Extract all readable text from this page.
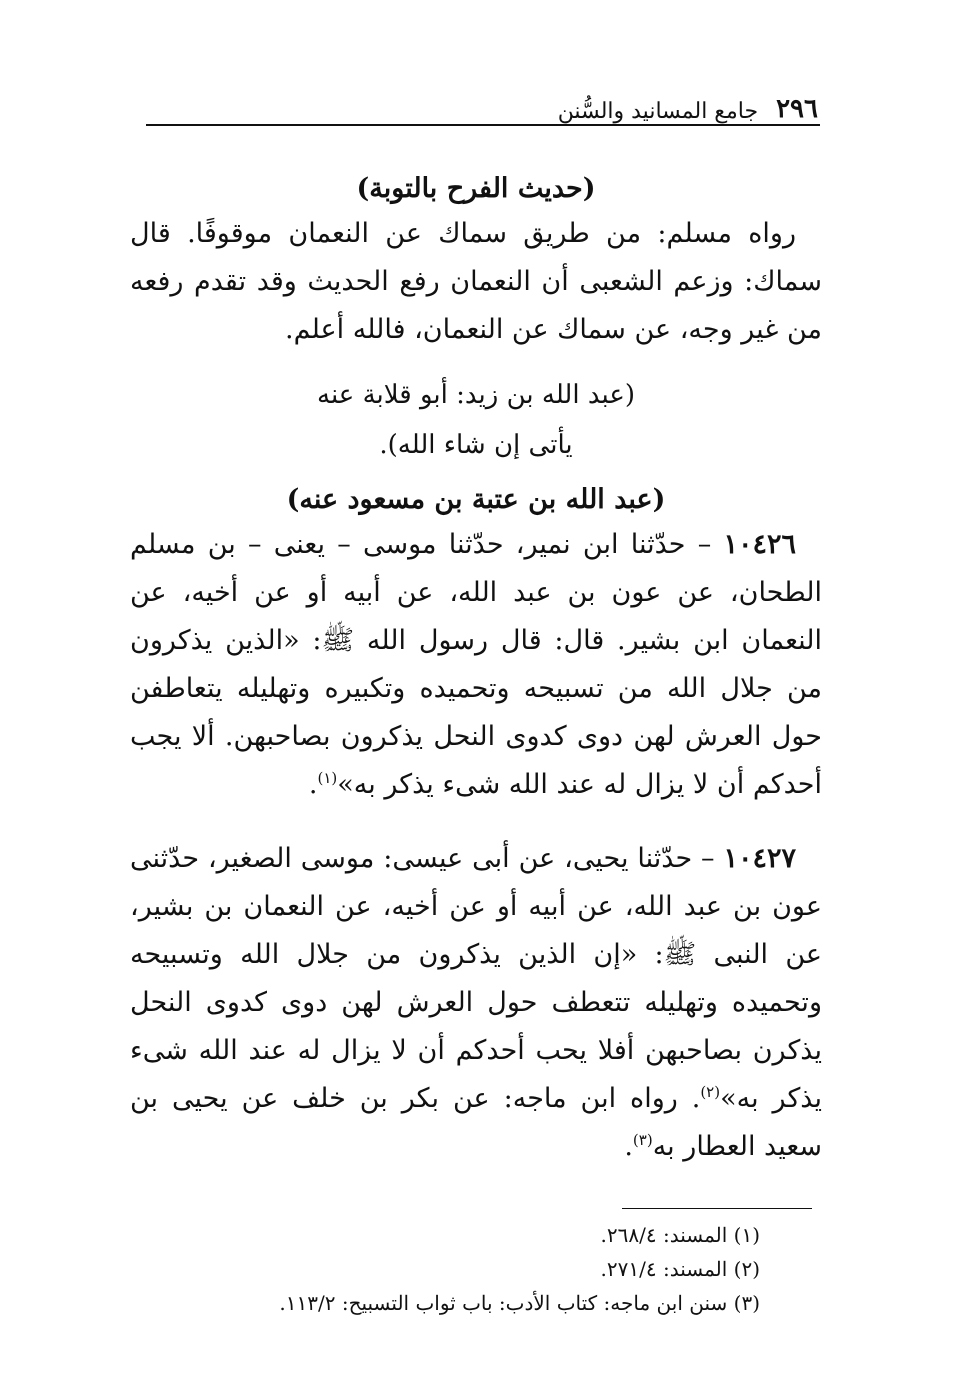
٢٩٦
جامع المسانيد والسُّنن
(حديث الفرح بالتوبة)

رواه مسلم: من طريق سماك عن النعمان موقوفًا. قال سماك: وزعم الشعبى أن النعمان رفع الحديث وقد تقدم رفعه من غير وجه، عن سماك عن النعمان، فالله أعلم.

(عبد الله بن زيد: أبو قلابة عنه
يأتى إن شاء الله).
(عبد الله بن عتبة بن مسعود عنه)

١٠٤٢٦ – حدّثنا ابن نمير، حدّثنا موسى – يعنى – بن مسلم الطحان، عن عون بن عبد الله، عن أبيه أو عن أخيه، عن النعمان ابن بشير. قال: قال رسول الله ﷺ: «الذين يذكرون من جلال الله من تسبيحه وتحميده وتكبيره وتهليله يتعاطفن حول العرش لهن دوى كدوى النحل يذكرون بصاحبهن. ألا يجب أحدكم أن لا يزال له عند الله شىء يذكر به»$^{(١)}$.

١٠٤٢٧ – حدّثنا يحيى، عن أبى عيسى: موسى الصغير، حدّثنى عون بن عبد الله، عن أبيه أو عن أخيه، عن النعمان بن بشير، عن النبى ﷺ: «إن الذين يذكرون من جلال الله وتسبيحه وتحميده وتهليله تتعطف حول العرش لهن دوى كدوى النحل يذكرن بصاحبهن أفلا يحب أحدكم أن لا يزال له عند الله شىء يذكر به»$^{(٢)}$. رواه ابن ماجه: عن بكر بن خلف عن يحيى بن سعيد العطار به$^{(٣)}$.

(١) المسند: ٢٦٨/٤.
(٢) المسند: ٢٧١/٤.
(٣) سنن ابن ماجه: كتاب الأدب: باب ثواب التسبيح: ١١٣/٢.
